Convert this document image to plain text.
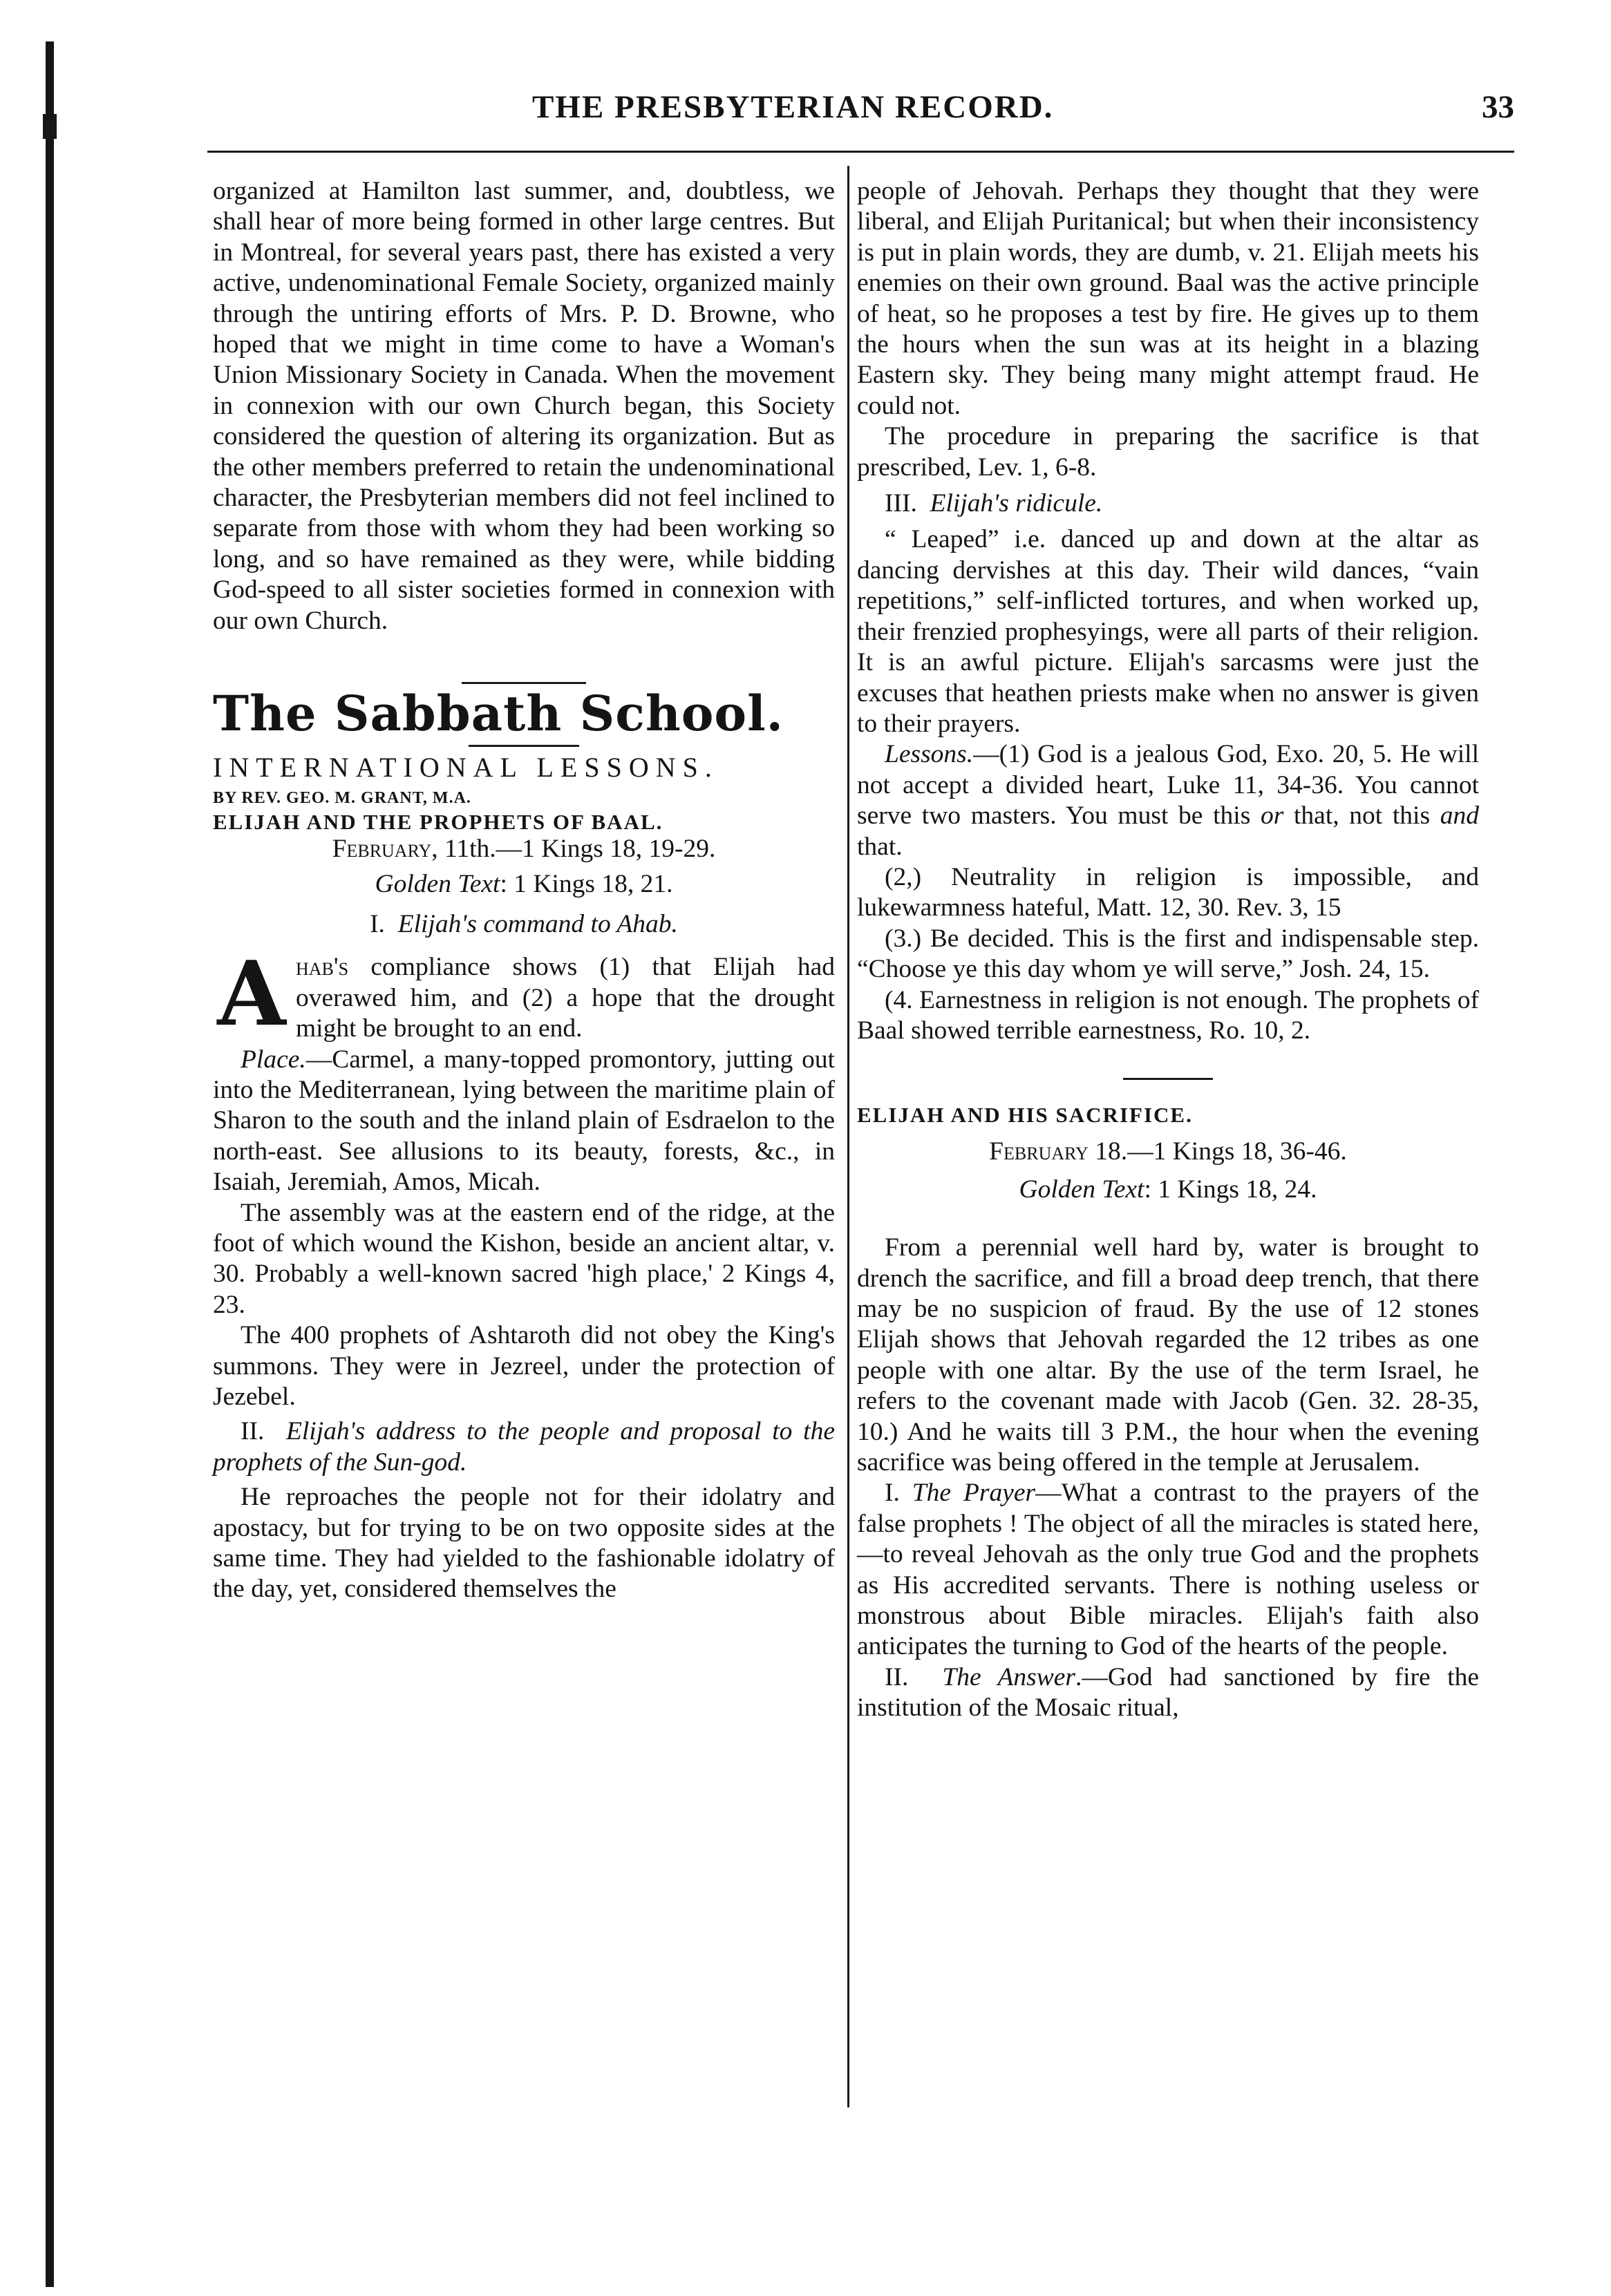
THE PRESBYTERIAN RECORD.	33

organized at Hamilton last summer, and, doubtless, we shall hear of more being formed in other large centres. But in Montreal, for several years past, there has existed a very active, undenominational Female Society, organized mainly through the untiring efforts of Mrs. P. D. Browne, who hoped that we might in time come to have a Woman's Union Missionary Society in Canada. When the movement in connexion with our own Church began, this Society considered the question of altering its organization. But as the other members preferred to retain the undenominational character, the Presbyterian members did not feel inclined to separate from those with whom they had been working so long, and so have remained as they were, while bidding God-speed to all sister societies formed in connexion with our own Church.

The Sabbath School.

INTERNATIONAL LESSONS.

BY REV. GEO. M. GRANT, M.A.

ELIJAH AND THE PROPHETS OF BAAL.

February, 11th.—1 Kings 18, 19-29.

Golden Text: 1 Kings 18, 21.

I. Elijah's command to Ahab.

A hab's compliance shows (1) that Elijah had overawed him, and (2) a hope that the drought might be brought to an end.

Place.—Carmel, a many-topped promontory, jutting out into the Mediterranean, lying between the maritime plain of Sharon to the south and the inland plain of Esdraelon to the north-east. See allusions to its beauty, forests, &c., in Isaiah, Jeremiah, Amos, Micah.

The assembly was at the eastern end of the ridge, at the foot of which wound the Kishon, beside an ancient altar, v. 30. Probably a well-known sacred 'high place,' 2 Kings 4, 23.

The 400 prophets of Ashtaroth did not obey the King's summons. They were in Jezreel, under the protection of Jezebel.

II. Elijah's address to the people and proposal to the prophets of the Sun-god.

He reproaches the people not for their idolatry and apostacy, but for trying to be on two opposite sides at the same time. They had yielded to the fashionable idolatry of the day, yet, considered themselves the

people of Jehovah. Perhaps they thought that they were liberal, and Elijah Puritanical; but when their inconsistency is put in plain words, they are dumb, v. 21. Elijah meets his enemies on their own ground. Baal was the active principle of heat, so he proposes a test by fire. He gives up to them the hours when the sun was at its height in a blazing Eastern sky. They being many might attempt fraud. He could not.

The procedure in preparing the sacrifice is that prescribed, Lev. 1, 6-8.

III. Elijah's ridicule.

“ Leaped” i.e. danced up and down at the altar as dancing dervishes at this day. Their wild dances, “vain repetitions,” self-inflicted tortures, and when worked up, their frenzied prophesyings, were all parts of their religion. It is an awful picture. Elijah's sarcasms were just the excuses that heathen priests make when no answer is given to their prayers.

Lessons.—(1) God is a jealous God, Exo. 20, 5. He will not accept a divided heart, Luke 11, 34-36. You cannot serve two masters. You must be this or that, not this and that.

(2,) Neutrality in religion is impossible, and lukewarmness hateful, Matt. 12, 30. Rev. 3, 15

(3.) Be decided. This is the first and indispensable step. “Choose ye this day whom ye will serve,” Josh. 24, 15.

(4. Earnestness in religion is not enough. The prophets of Baal showed terrible earnestness, Ro. 10, 2.

ELIJAH AND HIS SACRIFICE.

February 18.—1 Kings 18, 36-46.

Golden Text: 1 Kings 18, 24.

From a perennial well hard by, water is brought to drench the sacrifice, and fill a broad deep trench, that there may be no suspicion of fraud. By the use of 12 stones Elijah shows that Jehovah regarded the 12 tribes as one people with one altar. By the use of the term Israel, he refers to the covenant made with Jacob (Gen. 32. 28-35, 10.) And he waits till 3 P.M., the hour when the evening sacrifice was being offered in the temple at Jerusalem.

I. The Prayer—What a contrast to the prayers of the false prophets ! The object of all the miracles is stated here,—to reveal Jehovah as the only true God and the prophets as His accredited servants. There is nothing useless or monstrous about Bible miracles. Elijah's faith also anticipates the turning to God of the hearts of the people.

II. The Answer.—God had sanctioned by fire the institution of the Mosaic ritual,
